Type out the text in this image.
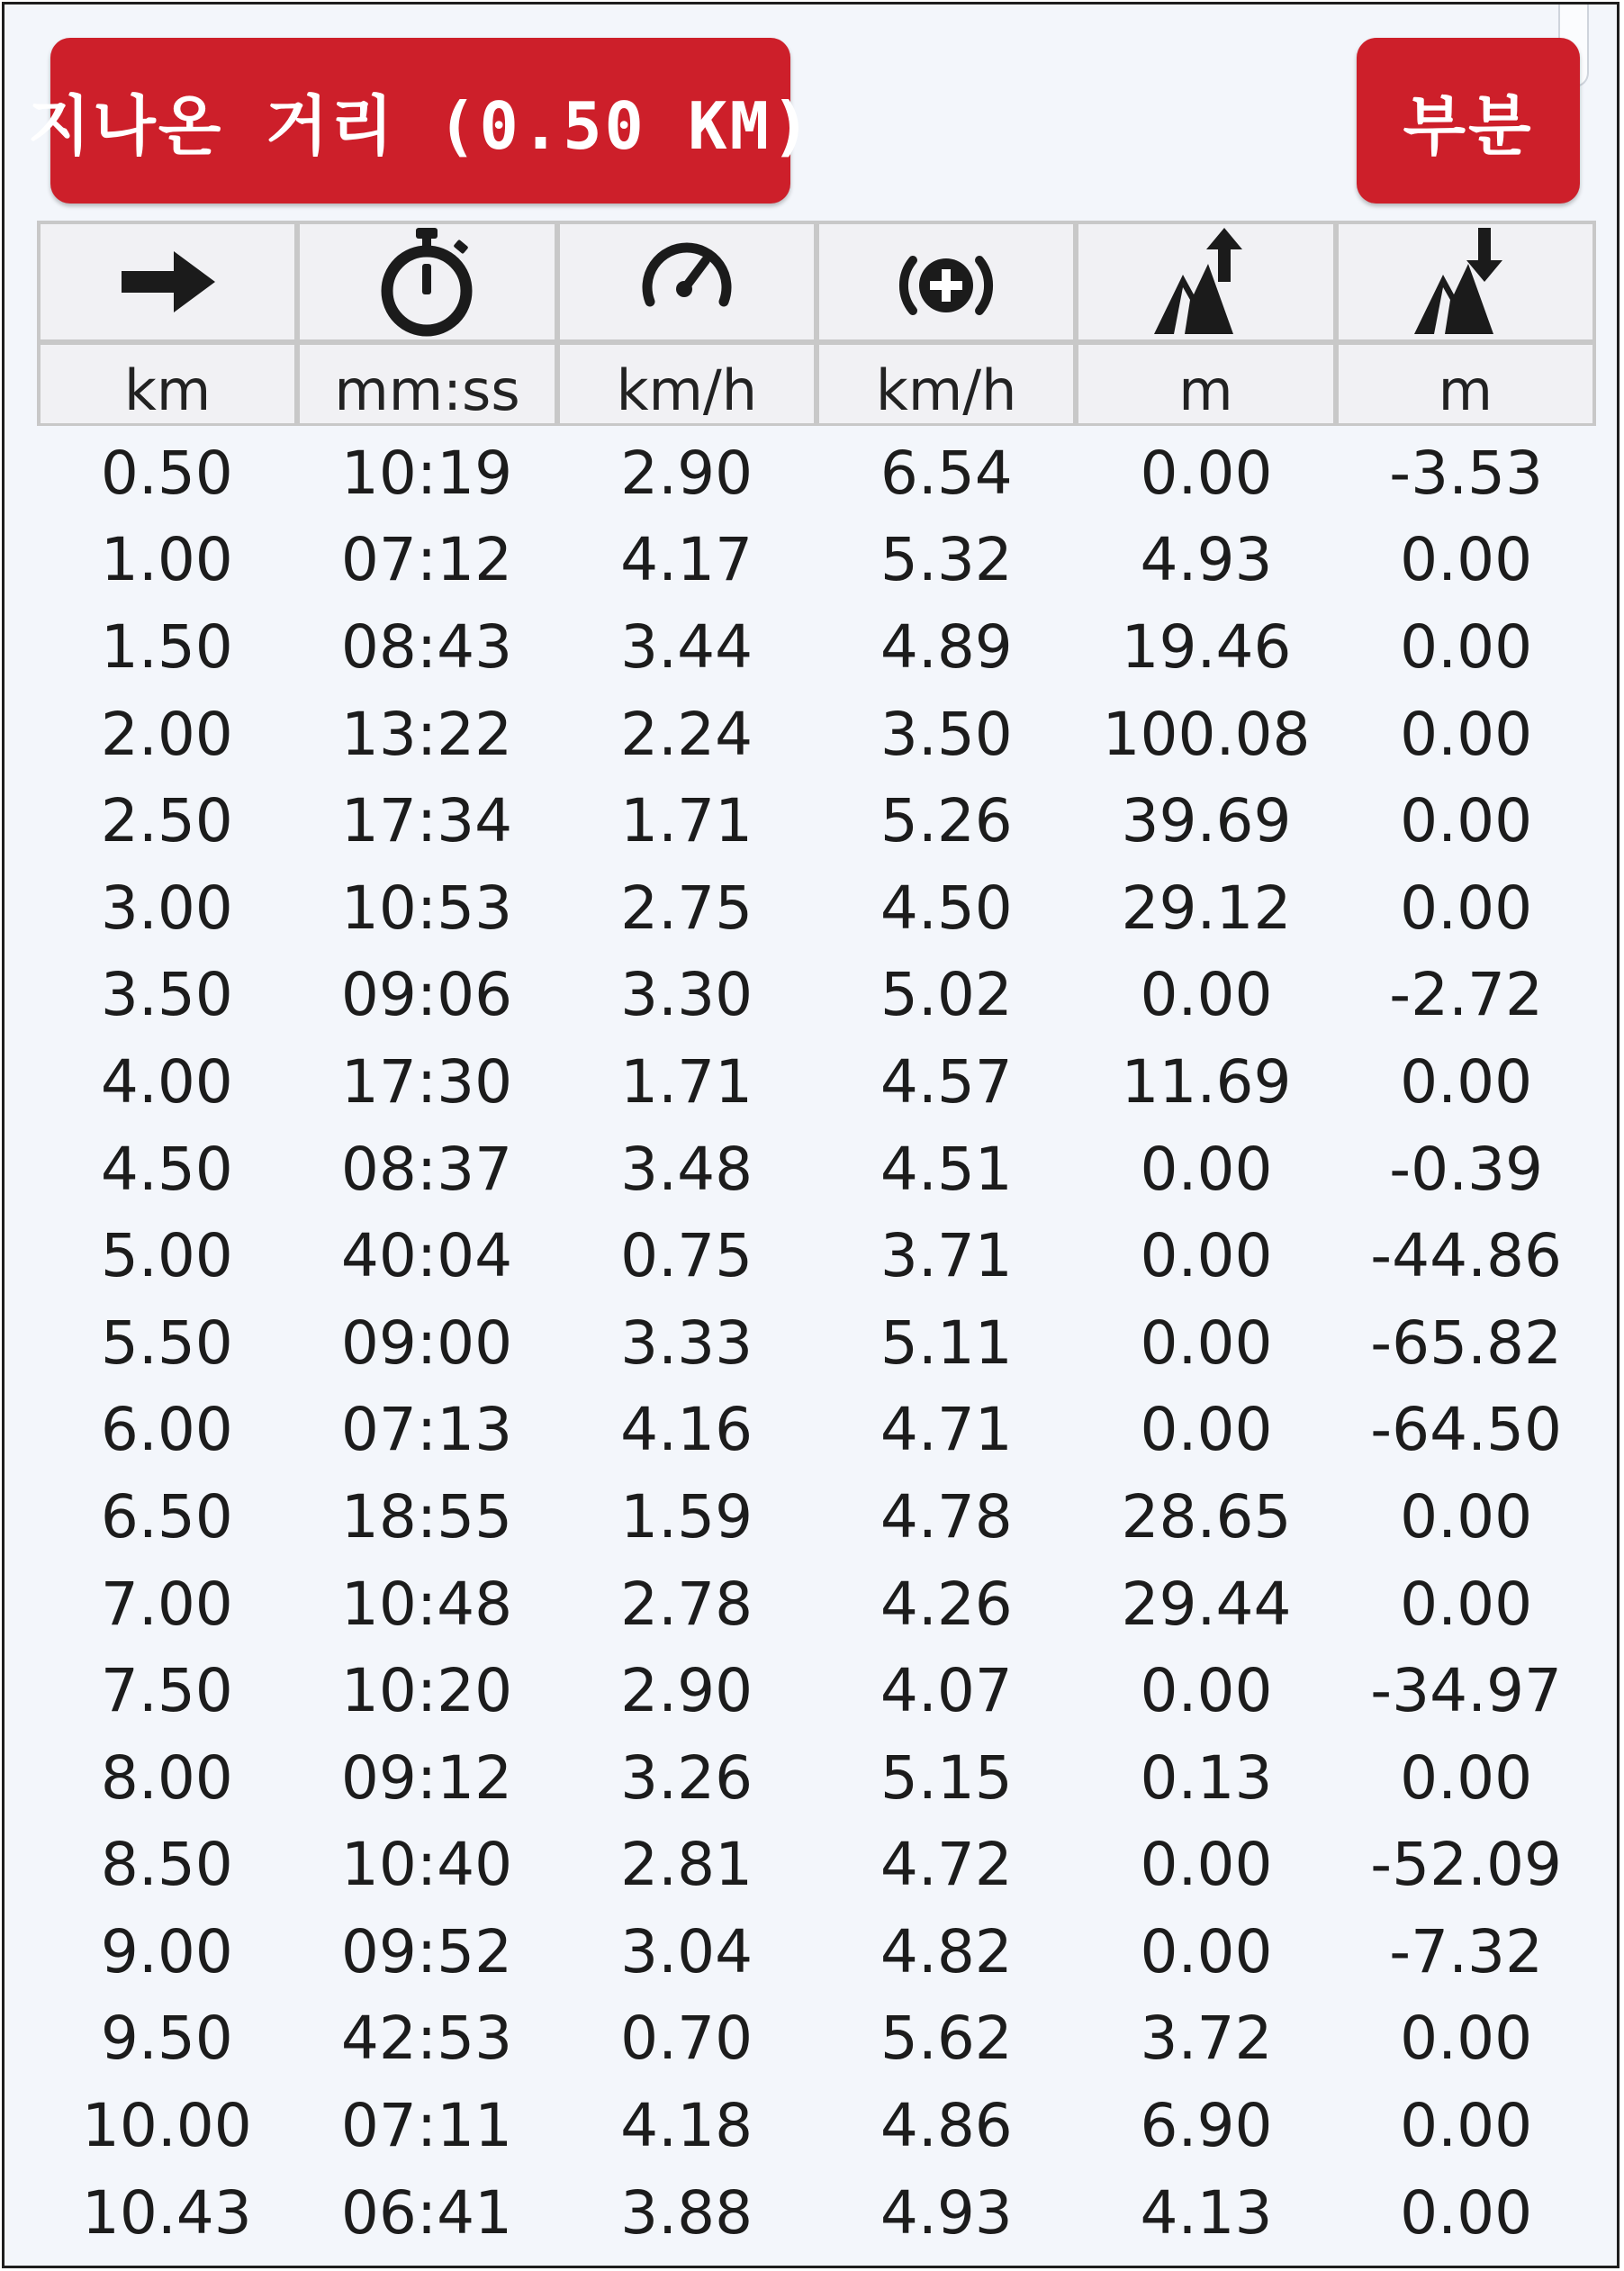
지나온 거리 (0.50 KM)	부분
km	mm:ss	km/h	km/h	m	m
0.50	10:19	2.90	6.54	0.00	-3.53
1.00	07:12	4.17	5.32	4.93	0.00
1.50	08:43	3.44	4.89	19.46	0.00
2.00	13:22	2.24	3.50	100.08	0.00
2.50	17:34	1.71	5.26	39.69	0.00
3.00	10:53	2.75	4.50	29.12	0.00
3.50	09:06	3.30	5.02	0.00	-2.72
4.00	17:30	1.71	4.57	11.69	0.00
4.50	08:37	3.48	4.51	0.00	-0.39
5.00	40:04	0.75	3.71	0.00	-44.86
5.50	09:00	3.33	5.11	0.00	-65.82
6.00	07:13	4.16	4.71	0.00	-64.50
6.50	18:55	1.59	4.78	28.65	0.00
7.00	10:48	2.78	4.26	29.44	0.00
7.50	10:20	2.90	4.07	0.00	-34.97
8.00	09:12	3.26	5.15	0.13	0.00
8.50	10:40	2.81	4.72	0.00	-52.09
9.00	09:52	3.04	4.82	0.00	-7.32
9.50	42:53	0.70	5.62	3.72	0.00
10.00	07:11	4.18	4.86	6.90	0.00
10.43	06:41	3.88	4.93	4.13	0.00
